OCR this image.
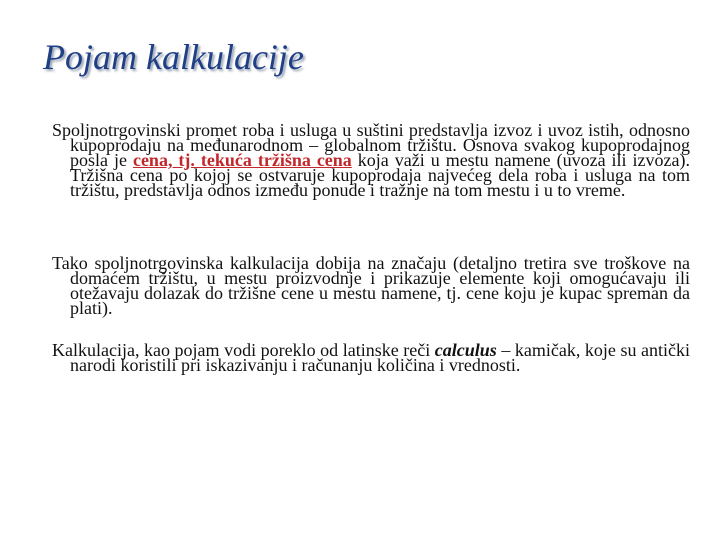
Pojam kalkulacije
Spoljnotrgovinski promet roba i usluga u suštini predstavlja izvoz i uvoz istih, odnosno kupoprodaju na međunarodnom – globalnom tržištu. Osnova svakog kupoprodajnog posla je cena, tj. tekuća tržišna cena koja važi u mestu namene (uvoza ili izvoza). Tržišna cena po kojoj se ostvaruje kupoprodaja najvećeg dela roba i usluga na tom tržištu, predstavlja odnos između ponude i tražnje na tom mestu i u to vreme.
Tako spoljnotrgovinska kalkulacija dobija na značaju (detaljno tretira sve troškove na domaćem tržištu, u mestu proizvodnje i prikazuje elemente koji omogućavaju ili otežavaju dolazak do tržišne cene u mestu namene, tj. cene koju je kupac spreman da plati).
Kalkulacija, kao pojam vodi poreklo od latinske reči calculus – kamičak, koje su antički narodi koristili pri iskazivanju i računanju količina i vrednosti.
